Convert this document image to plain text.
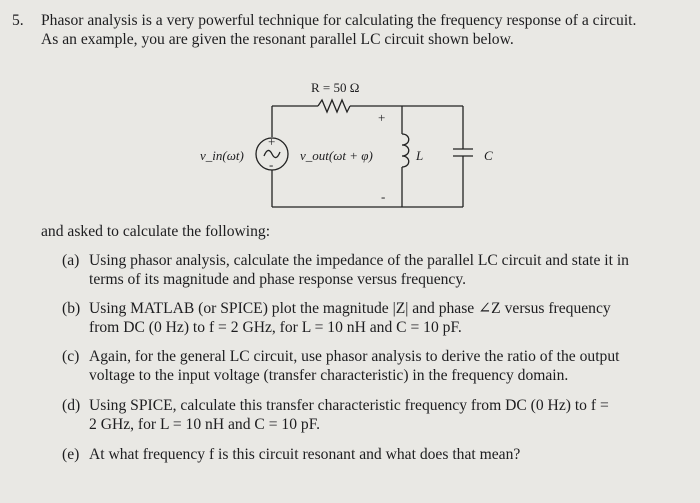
5. Phasor analysis is a very powerful technique for calculating the frequency response of a circuit.
As an example, you are given the resonant parallel LC circuit shown below.
R = 50 Ω
+
-
+
-
v_in(ωt)	v_out(ωt + φ)	L	C
and asked to calculate the following:
(a) Using phasor analysis, calculate the impedance of the parallel LC circuit and state it in
terms of its magnitude and phase response versus frequency.
(b) Using MATLAB (or SPICE) plot the magnitude |Z| and phase ∠Z versus frequency
from DC (0 Hz) to f = 2 GHz, for L = 10 nH and C = 10 pF.
(c) Again, for the general LC circuit, use phasor analysis to derive the ratio of the output
voltage to the input voltage (transfer characteristic) in the frequency domain.
(d) Using SPICE, calculate this transfer characteristic frequency from DC (0 Hz) to f =
2 GHz, for L = 10 nH and C = 10 pF.
(e) At what frequency f is this circuit resonant and what does that mean?
